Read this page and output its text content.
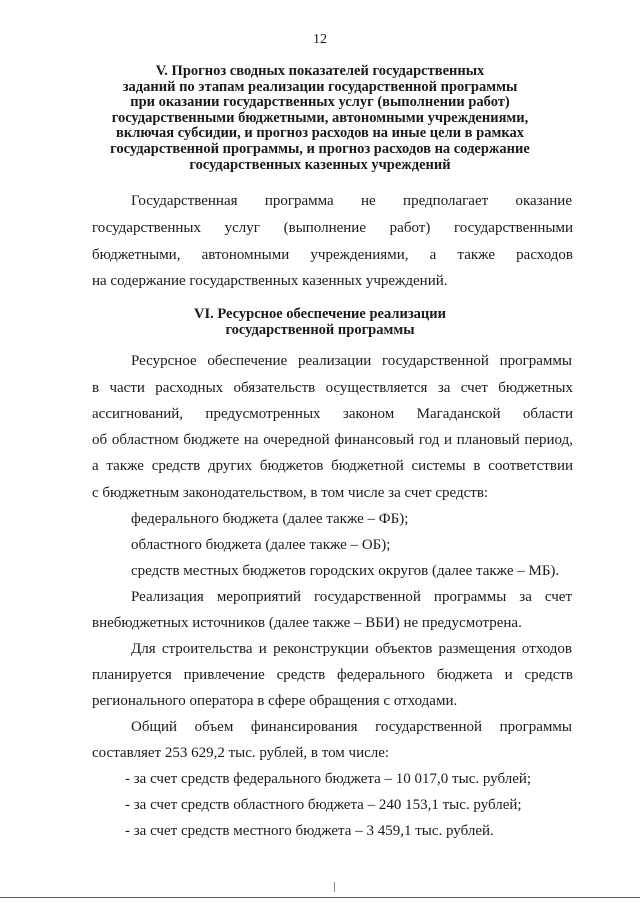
12
V. Прогноз сводных показателей государственных
заданий по этапам реализации государственной программы
при оказании государственных услуг (выполнении работ)
государственными бюджетными, автономными учреждениями,
включая субсидии, и прогноз расходов на иные цели в рамках
государственной программы, и прогноз расходов на содержание
государственных казенных учреждений
Государственная программа не предполагает оказание
государственных услуг (выполнение работ) государственными
бюджетными, автономными учреждениями, а также расходов
на содержание государственных казенных учреждений.
VI. Ресурсное обеспечение реализации
государственной программы
Ресурсное обеспечение реализации государственной программы
в части расходных обязательств осуществляется за счет бюджетных
ассигнований, предусмотренных законом Магаданской области
об областном бюджете на очередной финансовый год и плановый период,
а также средств других бюджетов бюджетной системы в соответствии
с бюджетным законодательством, в том числе за счет средств:
федерального бюджета (далее также – ФБ);
областного бюджета (далее также – ОБ);
средств местных бюджетов городских округов (далее также – МБ).
Реализация мероприятий государственной программы за счет
внебюджетных источников (далее также – ВБИ) не предусмотрена.
Для строительства и реконструкции объектов размещения отходов
планируется привлечение средств федерального бюджета и средств
регионального оператора в сфере обращения с отходами.
Общий объем финансирования государственной программы
составляет 253 629,2 тыс. рублей, в том числе:
- за счет средств федерального бюджета – 10 017,0 тыс. рублей;
- за счет средств областного бюджета – 240 153,1 тыс. рублей;
- за счет средств местного бюджета – 3 459,1 тыс. рублей.
